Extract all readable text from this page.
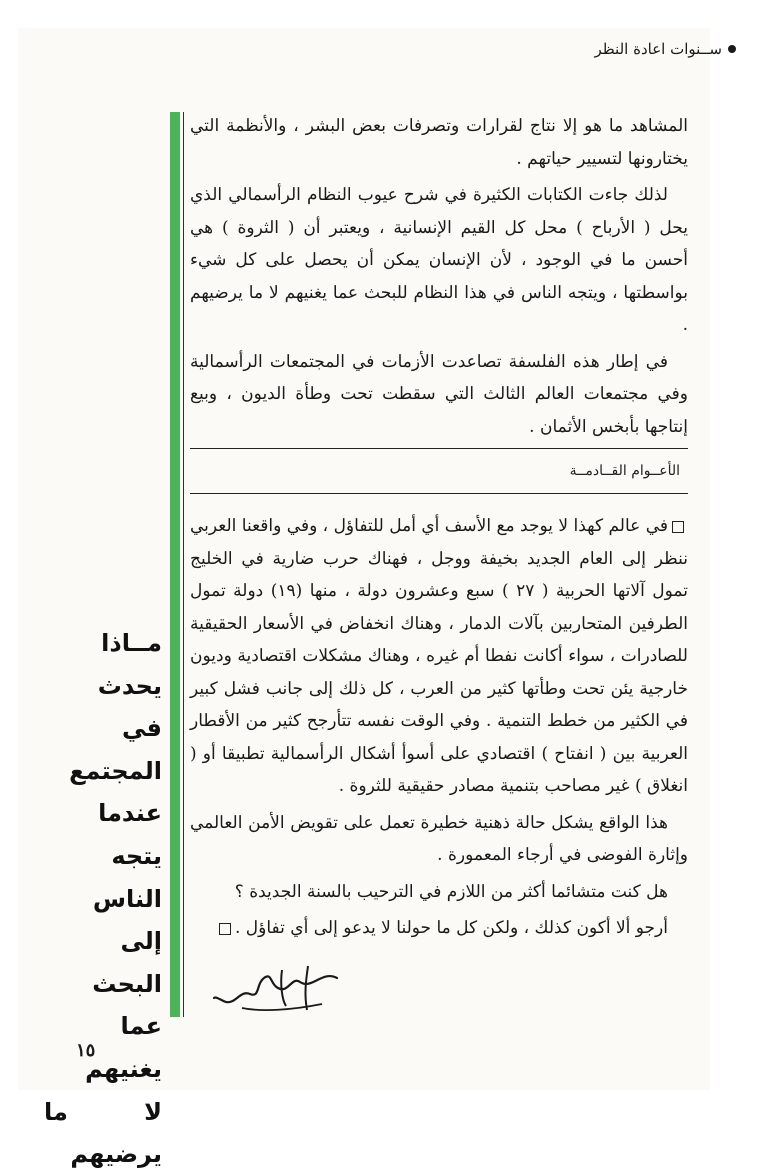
ســنوات اعادة النظر

المشاهد ما هو إلا نتاج لقرارات وتصرفات بعض البشر ، والأنظمة التي يختارونها لتسيير حياتهم .

لذلك جاءت الكتابات الكثيرة في شرح عيوب النظام الرأسمالي الذي يحل ( الأرباح ) محل كل القيم الإنسانية ، ويعتبر أن ( الثروة ) هي أحسن ما في الوجود ، لأن الإنسان يمكن أن يحصل على كل شيء بواسطتها ، ويتجه الناس في هذا النظام للبحث عما يغنيهم لا ما يرضيهم .

في إطار هذه الفلسفة تصاعدت الأزمات في المجتمعات الرأسمالية وفي مجتمعات العالم الثالث التي سقطت تحت وطأة الديون ، وبيع إنتاجها بأبخس الأثمان .

الأعــوام القــادمــة

في عالم كهذا لا يوجد مع الأسف أي أمل للتفاؤل ، وفي واقعنا العربي ننظر إلى العام الجديد بخيفة ووجل ، فهناك حرب ضارية في الخليج تمول آلاتها الحربية ( ٢٧ ) سبع وعشرون دولة ، منها (١٩) دولة تمول الطرفين المتحاربين بآلات الدمار ، وهناك انخفاض في الأسعار الحقيقية للصادرات ، سواء أكانت نفطا أم غيره ، وهناك مشكلات اقتصادية وديون خارجية يئن تحت وطأتها كثير من العرب ، كل ذلك إلى جانب فشل كبير في الكثير من خطط التنمية . وفي الوقت نفسه تتأرجح كثير من الأقطار العربية بين ( انفتاح ) اقتصادي على أسوأ أشكال الرأسمالية تطبيقا أو ( انغلاق ) غير مصاحب بتنمية مصادر حقيقية للثروة .

هذا الواقع يشكل حالة ذهنية خطيرة تعمل على تقويض الأمن العالمي وإثارة الفوضى في أرجاء المعمورة .

هل كنت متشائما أكثر من اللازم في الترحيب بالسنة الجديدة ؟

أرجو ألا أكون كذلك ، ولكن كل ما حولنا لا يدعو إلى أي تفاؤل .

مــاذا
يحدث
في المجتمع
عندما
يتجه
الناس
إلى البحث
عما يغنيهم
لا ما
يرضيهم
١٥
